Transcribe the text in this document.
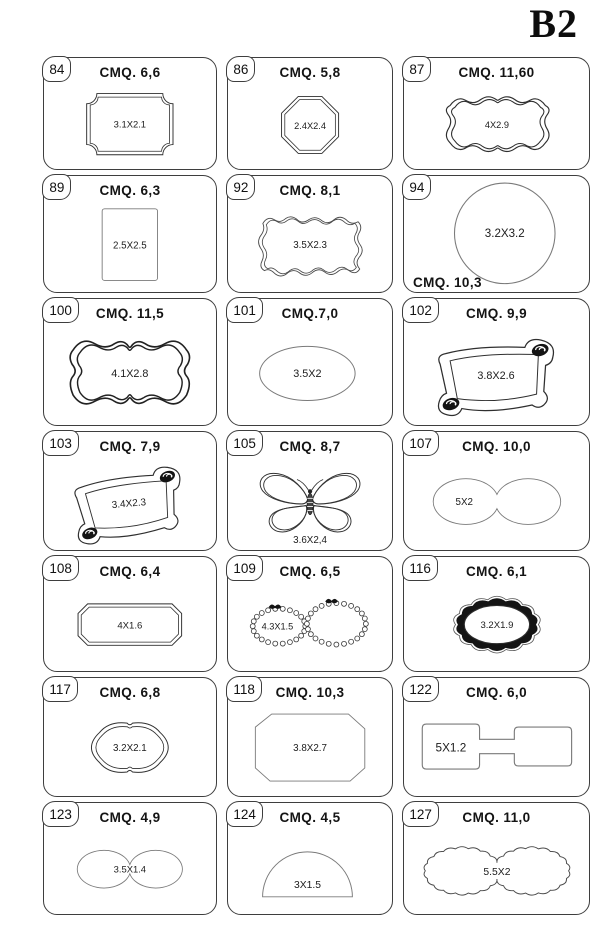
B2
84	CMQ. 6,6
3.1X2.1
86	CMQ. 5,8
2.4X2.4
87	CMQ. 11,60
4X2.9
89	CMQ. 6,3
2.5X2.5
92	CMQ. 8,1
3.5X2.3
94
CMQ. 10,3
3.2X3.2
100	CMQ. 11,5
4.1X2.8
101	CMQ.7,0
3.5X2
102	CMQ. 9,9
3.8X2.6
103	CMQ. 7,9
3.4X2.3
105	CMQ. 8,7
3.6X2,4
107	CMQ. 10,0
5X2
108	CMQ. 6,4
4X1.6
109	CMQ. 6,5
4.3X1.5
116	CMQ. 6,1
3.2X1.9
117	CMQ. 6,8
3.2X2.1
118	CMQ. 10,3
3.8X2.7
122	CMQ. 6,0
5X1.2
123	CMQ. 4,9
3.5X1.4
124	CMQ. 4,5
3X1.5
127	CMQ. 11,0
5.5X2
